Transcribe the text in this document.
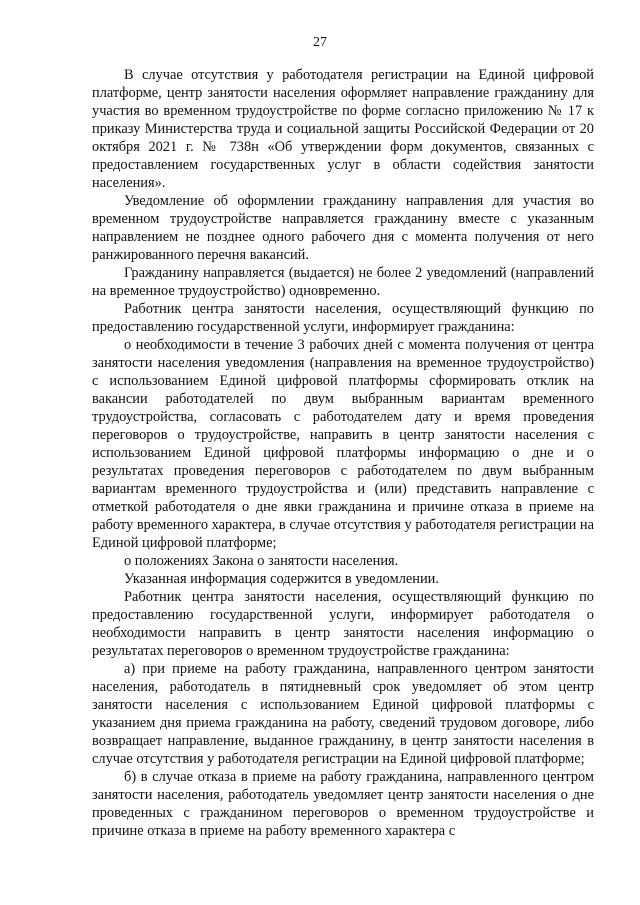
27

В случае отсутствия у работодателя регистрации на Единой цифровой платформе, центр занятости населения оформляет направление гражданину для участия во временном трудоустройстве по форме согласно приложению № 17 к приказу Министерства труда и социальной защиты Российской Федерации от 20 октября 2021 г. № 738н «Об утверждении форм документов, связанных с предоставлением государственных услуг в области содействия занятости населения».

Уведомление об оформлении гражданину направления для участия во временном трудоустройстве направляется гражданину вместе с указанным направлением не позднее одного рабочего дня с момента получения от него ранжированного перечня вакансий.

Гражданину направляется (выдается) не более 2 уведомлений (направлений на временное трудоустройство) одновременно.

Работник центра занятости населения, осуществляющий функцию по предоставлению государственной услуги, информирует гражданина:

о необходимости в течение 3 рабочих дней с момента получения от центра занятости населения уведомления (направления на временное трудоустройство) с использованием Единой цифровой платформы сформировать отклик на вакансии работодателей по двум выбранным вариантам временного трудоустройства, согласовать с работодателем дату и время проведения переговоров о трудоустройстве, направить в центр занятости населения с использованием Единой цифровой платформы информацию о дне и о результатах проведения переговоров с работодателем по двум выбранным вариантам временного трудоустройства и (или) представить направление с отметкой работодателя о дне явки гражданина и причине отказа в приеме на работу временного характера, в случае отсутствия у работодателя регистрации на Единой цифровой платформе;

о положениях Закона о занятости населения.

Указанная информация содержится в уведомлении.

Работник центра занятости населения, осуществляющий функцию по предоставлению государственной услуги, информирует работодателя о необходимости направить в центр занятости населения информацию о результатах переговоров о временном трудоустройстве гражданина:

а) при приеме на работу гражданина, направленного центром занятости населения, работодатель в пятидневный срок уведомляет об этом центр занятости населения с использованием Единой цифровой платформы с указанием дня приема гражданина на работу, сведений трудовом договоре, либо возвращает направление, выданное гражданину, в центр занятости населения в случае отсутствия у работодателя регистрации на Единой цифровой платформе;

б) в случае отказа в приеме на работу гражданина, направленного центром занятости населения, работодатель уведомляет центр занятости населения о дне проведенных с гражданином переговоров о временном трудоустройстве и причине отказа в приеме на работу временного характера с
